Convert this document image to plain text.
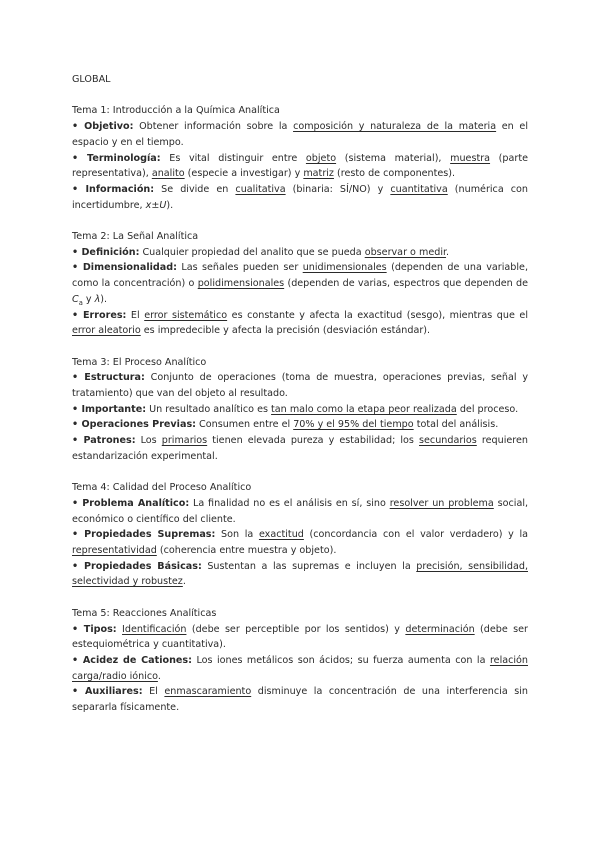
GLOBAL
Tema 1: Introducción a la Química Analítica
• Objetivo: Obtener información sobre la composición y naturaleza de la materia en el espacio y en el tiempo.
• Terminología: Es vital distinguir entre objeto (sistema material), muestra (parte representativa), analito (especie a investigar) y matriz (resto de componentes).
• Información: Se divide en cualitativa (binaria: SÍ/NO) y cuantitativa (numérica con incertidumbre, x±U).
Tema 2: La Señal Analítica
• Definición: Cualquier propiedad del analito que se pueda observar o medir.
• Dimensionalidad: Las señales pueden ser unidimensionales (dependen de una variable, como la concentración) o polidimensionales (dependen de varias, espectros que dependen de $C_a$ y λ).
• Errores: El error sistemático es constante y afecta la exactitud (sesgo), mientras que el error aleatorio es impredecible y afecta la precisión (desviación estándar).
Tema 3: El Proceso Analítico
• Estructura: Conjunto de operaciones (toma de muestra, operaciones previas, señal y tratamiento) que van del objeto al resultado.
• Importante: Un resultado analítico es tan malo como la etapa peor realizada del proceso.
• Operaciones Previas: Consumen entre el 70% y el 95% del tiempo total del análisis.
• Patrones: Los primarios tienen elevada pureza y estabilidad; los secundarios requieren estandarización experimental.
Tema 4: Calidad del Proceso Analítico
• Problema Analítico: La finalidad no es el análisis en sí, sino resolver un problema social, económico o científico del cliente.
• Propiedades Supremas: Son la exactitud (concordancia con el valor verdadero) y la representatividad (coherencia entre muestra y objeto).
• Propiedades Básicas: Sustentan a las supremas e incluyen la precisión, sensibilidad, selectividad y robustez.
Tema 5: Reacciones Analíticas
• Tipos: Identificación (debe ser perceptible por los sentidos) y determinación (debe ser estequiométrica y cuantitativa).
• Acidez de Cationes: Los iones metálicos son ácidos; su fuerza aumenta con la relación carga/radio iónico.
• Auxiliares: El enmascaramiento disminuye la concentración de una interferencia sin separarla físicamente.
